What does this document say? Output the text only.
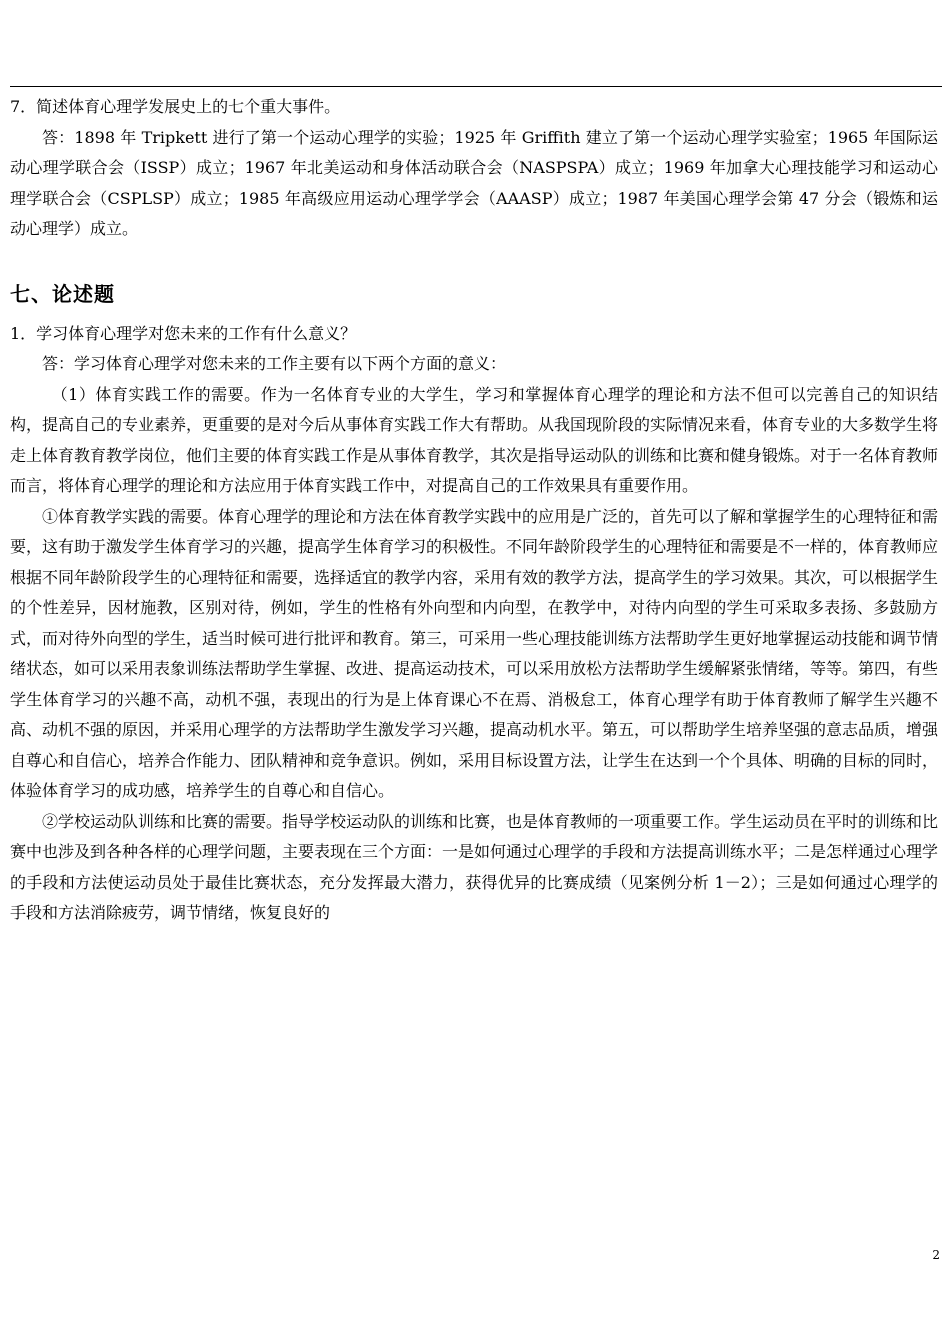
7．简述体育心理学发展史上的七个重大事件。

答：1898 年 Tripkett 进行了第一个运动心理学的实验；1925 年 Griffith 建立了第一个运动心理学实验室；1965 年国际运动心理学联合会（ISSP）成立；1967 年北美运动和身体活动联合会（NASPSPA）成立；1969 年加拿大心理技能学习和运动心理学联合会（CSPLSP）成立；1985 年高级应用运动心理学学会（AAASP）成立；1987 年美国心理学会第 47 分会（锻炼和运动心理学）成立。

七、论述题

1．学习体育心理学对您未来的工作有什么意义？

答：学习体育心理学对您未来的工作主要有以下两个方面的意义：

（1）体育实践工作的需要。作为一名体育专业的大学生，学习和掌握体育心理学的理论和方法不但可以完善自己的知识结构，提高自己的专业素养，更重要的是对今后从事体育实践工作大有帮助。从我国现阶段的实际情况来看，体育专业的大多数学生将走上体育教育教学岗位，他们主要的体育实践工作是从事体育教学，其次是指导运动队的训练和比赛和健身锻炼。对于一名体育教师而言，将体育心理学的理论和方法应用于体育实践工作中，对提高自己的工作效果具有重要作用。

①体育教学实践的需要。体育心理学的理论和方法在体育教学实践中的应用是广泛的，首先可以了解和掌握学生的心理特征和需要，这有助于激发学生体育学习的兴趣，提高学生体育学习的积极性。不同年龄阶段学生的心理特征和需要是不一样的，体育教师应根据不同年龄阶段学生的心理特征和需要，选择适宜的教学内容，采用有效的教学方法，提高学生的学习效果。其次，可以根据学生的个性差异，因材施教，区别对待，例如，学生的性格有外向型和内向型，在教学中，对待内向型的学生可采取多表扬、多鼓励方式，而对待外向型的学生，适当时候可进行批评和教育。第三，可采用一些心理技能训练方法帮助学生更好地掌握运动技能和调节情绪状态，如可以采用表象训练法帮助学生掌握、改进、提高运动技术，可以采用放松方法帮助学生缓解紧张情绪，等等。第四，有些学生体育学习的兴趣不高，动机不强，表现出的行为是上体育课心不在焉、消极怠工，体育心理学有助于体育教师了解学生兴趣不高、动机不强的原因，并采用心理学的方法帮助学生激发学习兴趣，提高动机水平。第五，可以帮助学生培养坚强的意志品质，增强自尊心和自信心，培养合作能力、团队精神和竞争意识。例如，采用目标设置方法，让学生在达到一个个具体、明确的目标的同时，体验体育学习的成功感，培养学生的自尊心和自信心。

②学校运动队训练和比赛的需要。指导学校运动队的训练和比赛，也是体育教师的一项重要工作。学生运动员在平时的训练和比赛中也涉及到各种各样的心理学问题，主要表现在三个方面：一是如何通过心理学的手段和方法提高训练水平；二是怎样通过心理学的手段和方法使运动员处于最佳比赛状态，充分发挥最大潜力，获得优异的比赛成绩（见案例分析 1－2）；三是如何通过心理学的手段和方法消除疲劳，调节情绪，恢复良好的

2
